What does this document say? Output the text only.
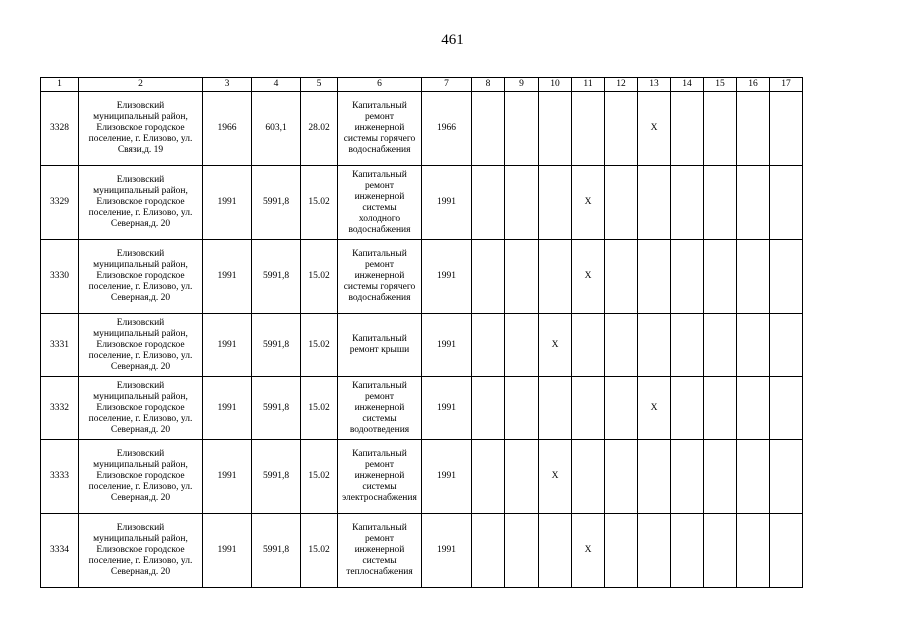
461
1	2	3	4	5	6	7	8	9	10	11	12	13	14	15	16	17
3328	Елизовский муниципальный район, Елизовское городское поселение, г. Елизово, ул. Связи,д. 19	1966	603,1	28.02	Капитальный ремонт инженерной системы горячего водоснабжения	1966						X				
3329	Елизовский муниципальный район, Елизовское городское поселение, г. Елизово, ул. Северная,д. 20	1991	5991,8	15.02	Капитальный ремонт инженерной системы холодного водоснабжения	1991				X						
3330	Елизовский муниципальный район, Елизовское городское поселение, г. Елизово, ул. Северная,д. 20	1991	5991,8	15.02	Капитальный ремонт инженерной системы горячего водоснабжения	1991				X						
3331	Елизовский муниципальный район, Елизовское городское поселение, г. Елизово, ул. Северная,д. 20	1991	5991,8	15.02	Капитальный ремонт крыши	1991			X							
3332	Елизовский муниципальный район, Елизовское городское поселение, г. Елизово, ул. Северная,д. 20	1991	5991,8	15.02	Капитальный ремонт инженерной системы водоотведения	1991						X				
3333	Елизовский муниципальный район, Елизовское городское поселение, г. Елизово, ул. Северная,д. 20	1991	5991,8	15.02	Капитальный ремонт инженерной системы электроснабжения	1991			X							
3334	Елизовский муниципальный район, Елизовское городское поселение, г. Елизово, ул. Северная,д. 20	1991	5991,8	15.02	Капитальный ремонт инженерной системы теплоснабжения	1991				X						
